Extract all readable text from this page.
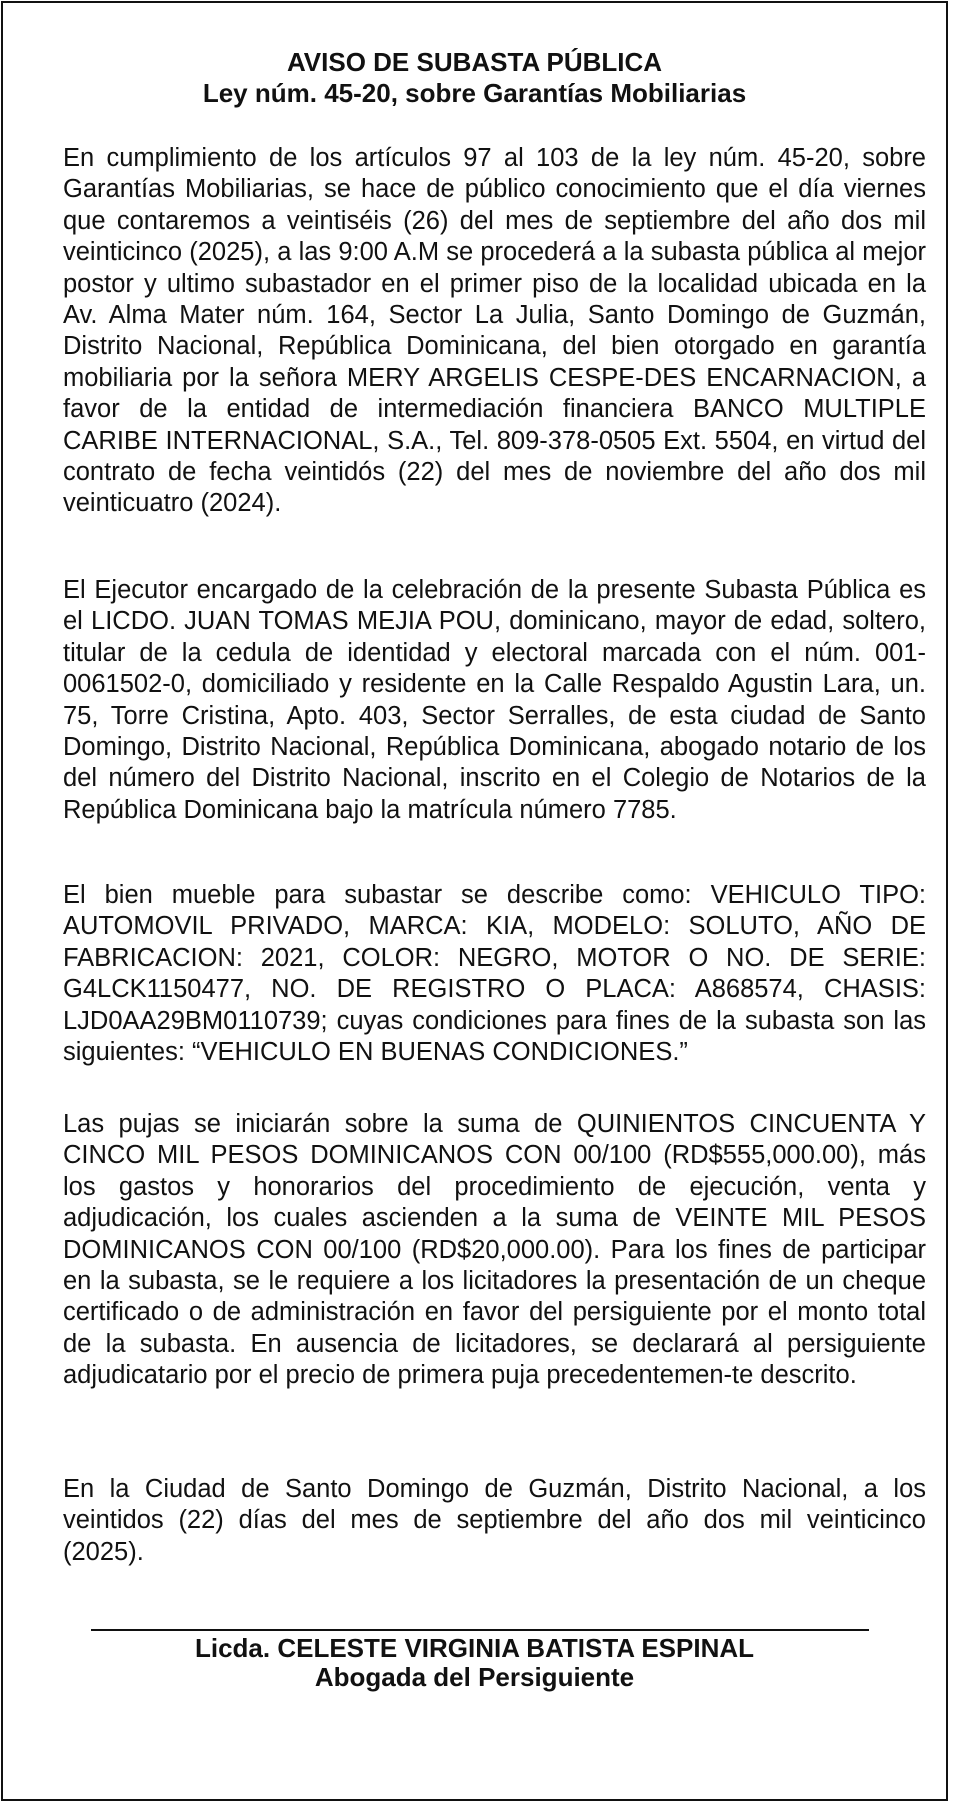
AVISO DE SUBASTA PÚBLICA
Ley núm. 45-20, sobre Garantías Mobiliarias

En cumplimiento de los artículos 97 al 103 de la ley núm. 45-20, sobre Garantías Mobiliarias, se hace de público conocimiento que el día viernes que contaremos a veintiséis (26) del mes de septiembre del año dos mil veinticinco (2025), a las 9:00 A.M se procederá a la subasta pública al mejor postor y ultimo subastador en el primer piso de la localidad ubicada en la Av. Alma Mater núm. 164, Sector La Julia, Santo Domingo de Guzmán, Distrito Nacional, República Dominicana, del bien otorgado en garantía mobiliaria por la señora MERY ARGELIS CESPE-DES ENCARNACION, a favor de la entidad de intermediación financiera BANCO MULTIPLE CARIBE INTERNACIONAL, S.A., Tel. 809-378-0505 Ext. 5504, en virtud del contrato de fecha veintidós (22) del mes de noviembre del año dos mil veinticuatro (2024).

El Ejecutor encargado de la celebración de la presente Subasta Pública es el LICDO. JUAN TOMAS MEJIA POU, dominicano, mayor de edad, soltero, titular de la cedula de identidad y electoral marcada con el núm. 001-0061502-0, domiciliado y residente en la Calle Respaldo Agustin Lara, un. 75, Torre Cristina, Apto. 403, Sector Serralles, de esta ciudad de Santo Domingo, Distrito Nacional, República Dominicana, abogado notario de los del número del Distrito Nacional, inscrito en el Colegio de Notarios de la República Dominicana bajo la matrícula número 7785.

El bien mueble para subastar se describe como: VEHICULO TIPO: AUTOMOVIL PRIVADO, MARCA: KIA, MODELO: SOLUTO, AÑO DE FABRICACION: 2021, COLOR: NEGRO, MOTOR O NO. DE SERIE: G4LCK1150477, NO. DE REGISTRO O PLACA: A868574, CHASIS: LJD0AA29BM0110739; cuyas condiciones para fines de la subasta son las siguientes: “VEHICULO EN BUENAS CONDICIONES.”

Las pujas se iniciarán sobre la suma de QUINIENTOS CINCUENTA Y CINCO MIL PESOS DOMINICANOS CON 00/100 (RD$555,000.00), más los gastos y honorarios del procedimiento de ejecución, venta y adjudicación, los cuales ascienden a la suma de VEINTE MIL PESOS DOMINICANOS CON 00/100 (RD$20,000.00). Para los fines de participar en la subasta, se le requiere a los licitadores la presentación de un cheque certificado o de administración en favor del persiguiente por el monto total de la subasta. En ausencia de licitadores, se declarará al persiguiente adjudicatario por el precio de primera puja precedentemen-te descrito.

En la Ciudad de Santo Domingo de Guzmán, Distrito Nacional, a los veintidos (22) días del mes de septiembre del año dos mil veinticinco (2025).

Licda. CELESTE VIRGINIA BATISTA ESPINAL

Abogada del Persiguiente
